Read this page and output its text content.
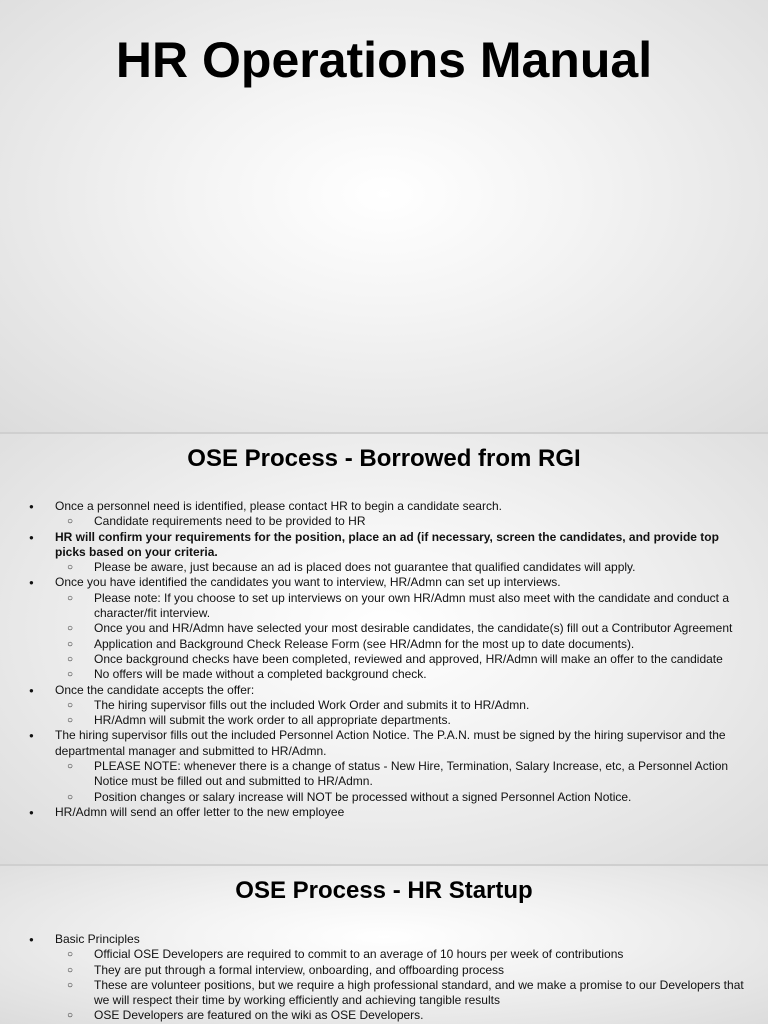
HR Operations Manual
OSE Process - Borrowed from RGI
● Once a personnel need is identified, please contact HR to begin a candidate search.
○ Candidate requirements need to be provided to HR
● HR will confirm your requirements for the position, place an ad (if necessary, screen the candidates, and provide top picks based on your criteria.
○ Please be aware, just because an ad is placed does not guarantee that qualified candidates will apply.
● Once you have identified the candidates you want to interview, HR/Admn can set up interviews.
○ Please note: If you choose to set up interviews on your own HR/Admn must also meet with the candidate and conduct a character/fit interview.
○ Once you and HR/Admn have selected your most desirable candidates, the candidate(s) fill out a Contributor Agreement
○ Application and Background Check Release Form (see HR/Admn for the most up to date documents).
○ Once background checks have been completed, reviewed and approved, HR/Admn will make an offer to the candidate
○ No offers will be made without a completed background check.
● Once the candidate accepts the offer:
○ The hiring supervisor fills out the included Work Order and submits it to HR/Admn.
○ HR/Admn will submit the work order to all appropriate departments.
● The hiring supervisor fills out the included Personnel Action Notice. The P.A.N. must be signed by the hiring supervisor and the departmental manager and submitted to HR/Admn.
○ PLEASE NOTE: whenever there is a change of status - New Hire, Termination, Salary Increase, etc, a Personnel Action Notice must be filled out and submitted to HR/Admn.
○ Position changes or salary increase will NOT be processed without a signed Personnel Action Notice.
● HR/Admn will send an offer letter to the new employee
OSE Process - HR Startup
● Basic Principles
○ Official OSE Developers are required to commit to an average of 10 hours per week of contributions
○ They are put through a formal interview, onboarding, and offboarding process
○ These are volunteer positions, but we require a high professional standard, and we make a promise to our Developers that we will respect their time by working efficiently and achieving tangible results
○ OSE Developers are featured on the wiki as OSE Developers.
